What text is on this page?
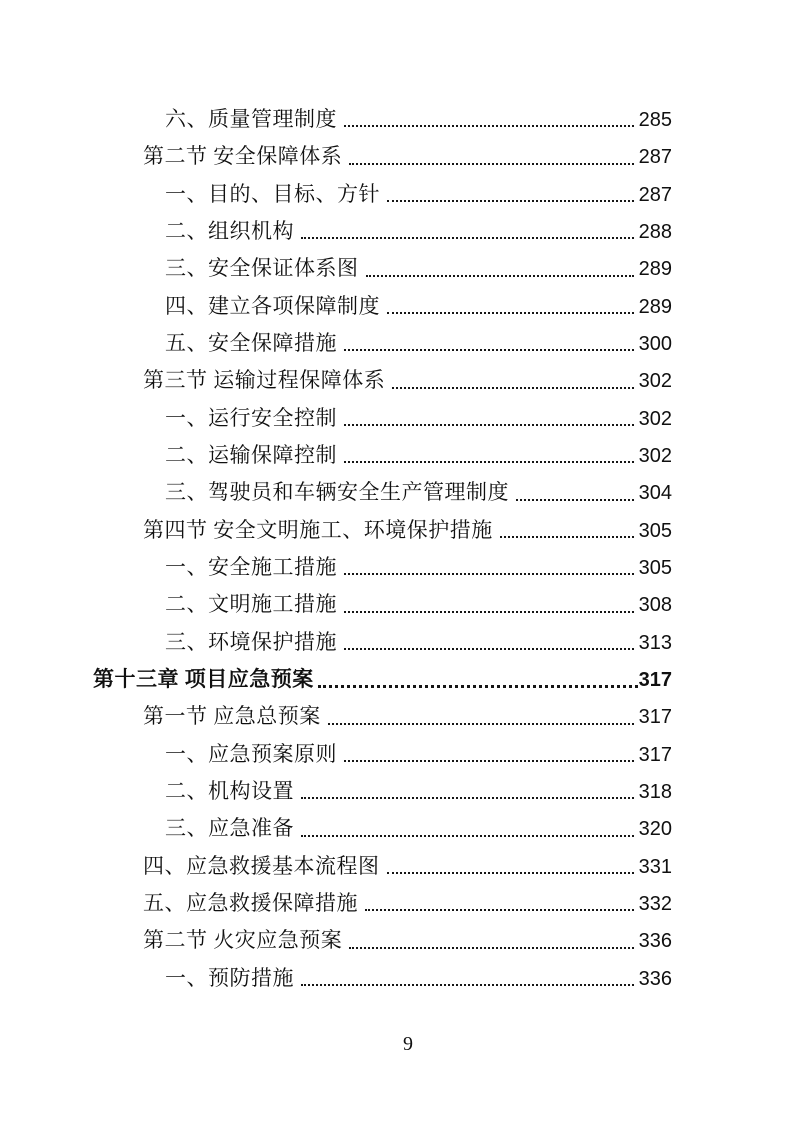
六、质量管理制度	285
第二节 安全保障体系	287
一、目的、目标、方针	287
二、组织机构	288
三、安全保证体系图	289
四、建立各项保障制度	289
五、安全保障措施	300
第三节 运输过程保障体系	302
一、运行安全控制	302
二、运输保障控制	302
三、驾驶员和车辆安全生产管理制度	304
第四节 安全文明施工、环境保护措施	305
一、安全施工措施	305
二、文明施工措施	308
三、环境保护措施	313
第十三章 项目应急预案	317
第一节 应急总预案	317
一、应急预案原则	317
二、机构设置	318
三、应急准备	320
四、应急救援基本流程图	331
五、应急救援保障措施	332
第二节 火灾应急预案	336
一、预防措施	336
9
